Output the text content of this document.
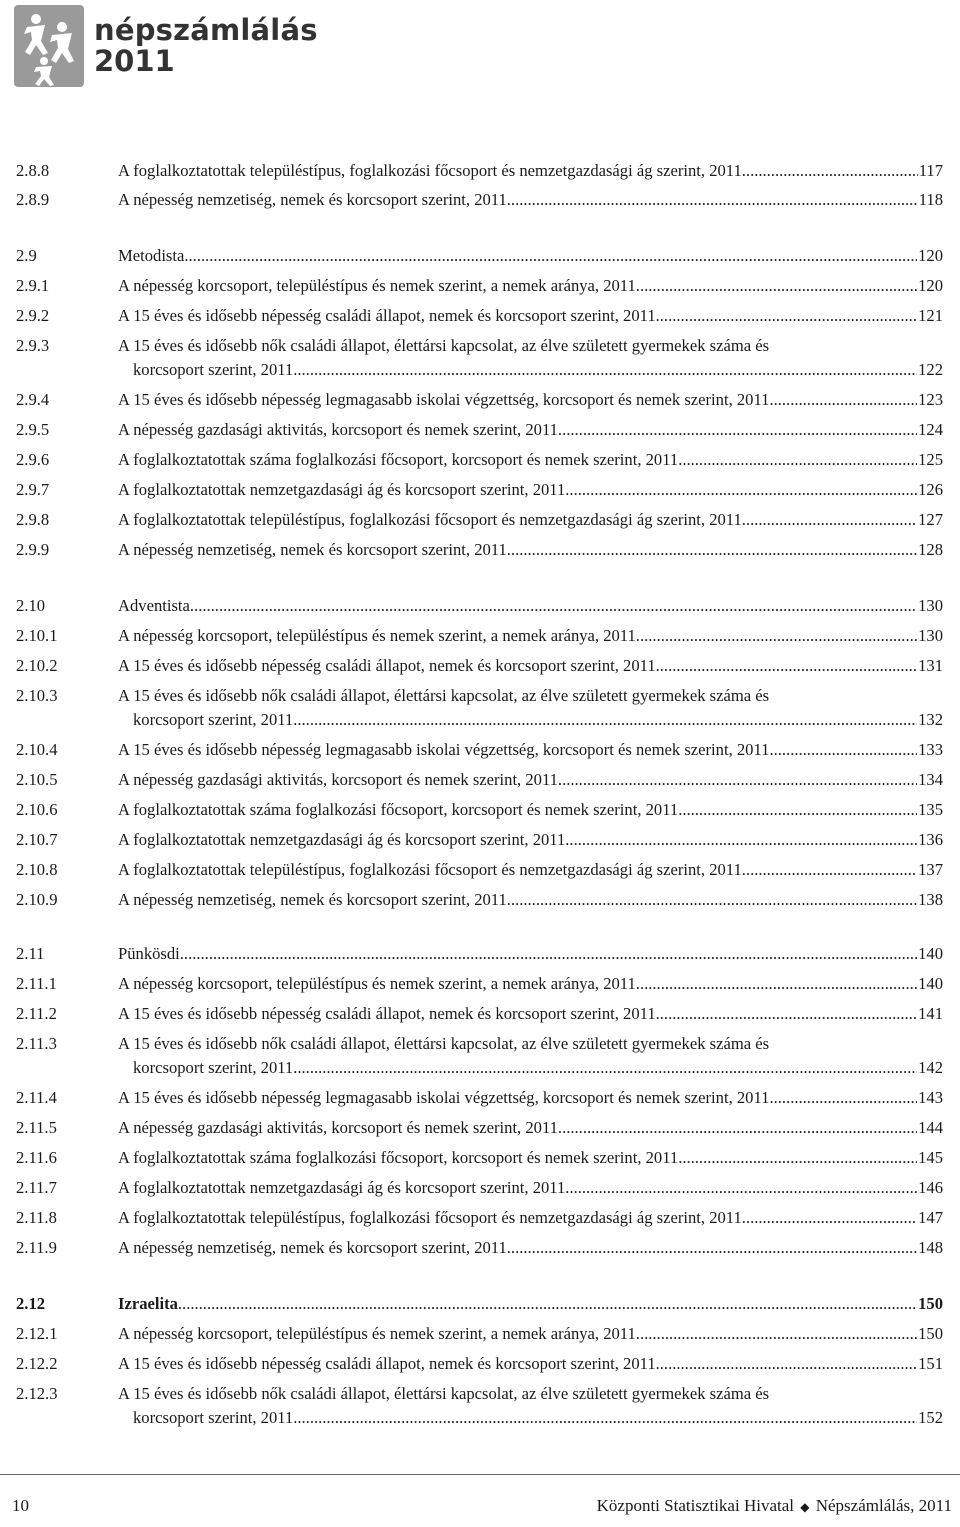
népszámlálás
2011
2.8.8	A foglalkoztatottak településtípus, foglalkozási főcsoport és nemzetgazdasági ág szerint, 2011 .....	117
2.8.9	A népesség nemzetiség, nemek és korcsoport szerint, 2011 .....	118
2.9	Metodista .....	120
2.9.1	A népesség korcsoport, településtípus és nemek szerint, a nemek aránya, 2011 .....	120
2.9.2	A 15 éves és idősebb népesség családi állapot, nemek és korcsoport szerint, 2011 .....	121
2.9.3	A 15 éves és idősebb nők családi állapot, élettársi kapcsolat, az élve született gyermekek száma és
korcsoport szerint, 2011 .....	122
2.9.4	A 15 éves és idősebb népesség legmagasabb iskolai végzettség, korcsoport és nemek szerint, 2011 .....	123
2.9.5	A népesség gazdasági aktivitás, korcsoport és nemek szerint, 2011 .....	124
2.9.6	A foglalkoztatottak száma foglalkozási főcsoport, korcsoport és nemek szerint, 2011 .....	125
2.9.7	A foglalkoztatottak nemzetgazdasági ág és korcsoport szerint, 2011 .....	126
2.9.8	A foglalkoztatottak településtípus, foglalkozási főcsoport és nemzetgazdasági ág szerint, 2011 .....	127
2.9.9	A népesség nemzetiség, nemek és korcsoport szerint, 2011 .....	128
2.10	Adventista .....	130
2.10.1	A népesség korcsoport, településtípus és nemek szerint, a nemek aránya, 2011 .....	130
2.10.2	A 15 éves és idősebb népesség családi állapot, nemek és korcsoport szerint, 2011 .....	131
2.10.3	A 15 éves és idősebb nők családi állapot, élettársi kapcsolat, az élve született gyermekek száma és
korcsoport szerint, 2011 .....	132
2.10.4	A 15 éves és idősebb népesség legmagasabb iskolai végzettség, korcsoport és nemek szerint, 2011 .....	133
2.10.5	A népesség gazdasági aktivitás, korcsoport és nemek szerint, 2011 .....	134
2.10.6	A foglalkoztatottak száma foglalkozási főcsoport, korcsoport és nemek szerint, 2011 .....	135
2.10.7	A foglalkoztatottak nemzetgazdasági ág és korcsoport szerint, 2011 .....	136
2.10.8	A foglalkoztatottak településtípus, foglalkozási főcsoport és nemzetgazdasági ág szerint, 2011 .....	137
2.10.9	A népesség nemzetiség, nemek és korcsoport szerint, 2011 .....	138
2.11	Pünkösdi .....	140
2.11.1	A népesség korcsoport, településtípus és nemek szerint, a nemek aránya, 2011 .....	140
2.11.2	A 15 éves és idősebb népesség családi állapot, nemek és korcsoport szerint, 2011 .....	141
2.11.3	A 15 éves és idősebb nők családi állapot, élettársi kapcsolat, az élve született gyermekek száma és
korcsoport szerint, 2011 .....	142
2.11.4	A 15 éves és idősebb népesség legmagasabb iskolai végzettség, korcsoport és nemek szerint, 2011 .....	143
2.11.5	A népesség gazdasági aktivitás, korcsoport és nemek szerint, 2011 .....	144
2.11.6	A foglalkoztatottak száma foglalkozási főcsoport, korcsoport és nemek szerint, 2011 .....	145
2.11.7	A foglalkoztatottak nemzetgazdasági ág és korcsoport szerint, 2011 .....	146
2.11.8	A foglalkoztatottak településtípus, foglalkozási főcsoport és nemzetgazdasági ág szerint, 2011 .....	147
2.11.9	A népesség nemzetiség, nemek és korcsoport szerint, 2011 .....	148
2.12	Izraelita .....	150
2.12.1	A népesség korcsoport, településtípus és nemek szerint, a nemek aránya, 2011 .....	150
2.12.2	A 15 éves és idősebb népesség családi állapot, nemek és korcsoport szerint, 2011 .....	151
2.12.3	A 15 éves és idősebb nők családi állapot, élettársi kapcsolat, az élve született gyermekek száma és
korcsoport szerint, 2011 .....	152
10	Központi Statisztikai Hivatal ◆ Népszámlálás, 2011
